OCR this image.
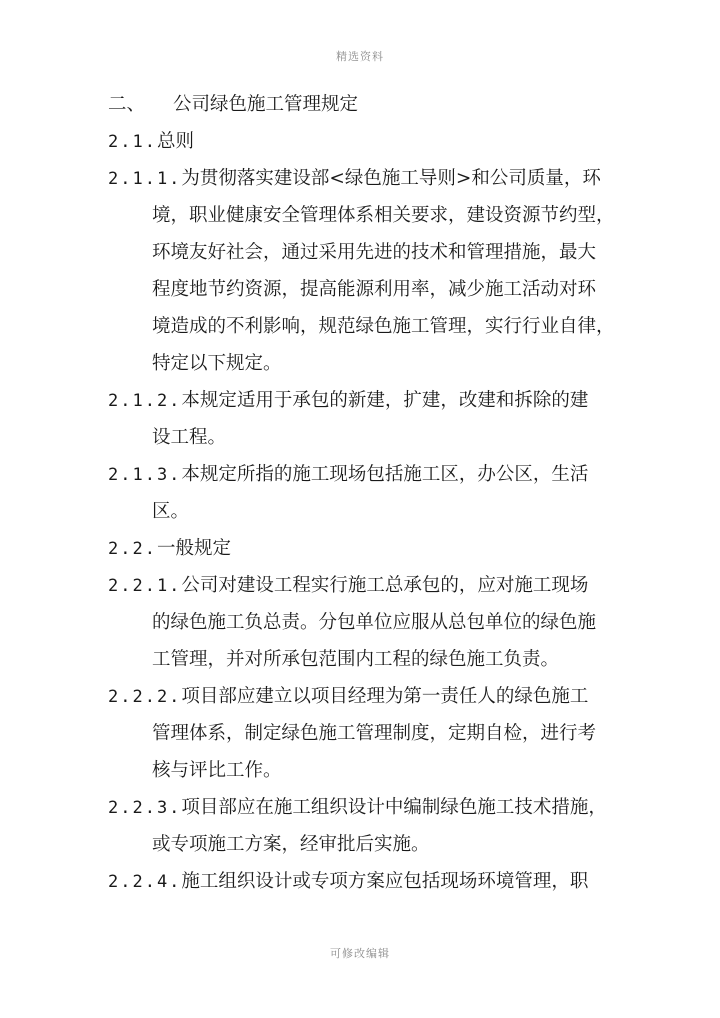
精选资料
二、 公司绿色施工管理规定
2.1.总则
2.1.1.为贯彻落实建设部<绿色施工导则>和公司质量，环
境，职业健康安全管理体系相关要求，建设资源节约型，
环境友好社会，通过采用先进的技术和管理措施，最大
程度地节约资源，提高能源利用率，减少施工活动对环
境造成的不利影响，规范绿色施工管理，实行行业自律，
特定以下规定。
2.1.2.本规定适用于承包的新建，扩建，改建和拆除的建
设工程。
2.1.3.本规定所指的施工现场包括施工区，办公区，生活
区。
2.2.一般规定
2.2.1.公司对建设工程实行施工总承包的，应对施工现场
的绿色施工负总责。分包单位应服从总包单位的绿色施
工管理，并对所承包范围内工程的绿色施工负责。
2.2.2.项目部应建立以项目经理为第一责任人的绿色施工
管理体系，制定绿色施工管理制度，定期自检，进行考
核与评比工作。
2.2.3.项目部应在施工组织设计中编制绿色施工技术措施，
或专项施工方案，经审批后实施。
2.2.4.施工组织设计或专项方案应包括现场环境管理，职
可修改编辑
